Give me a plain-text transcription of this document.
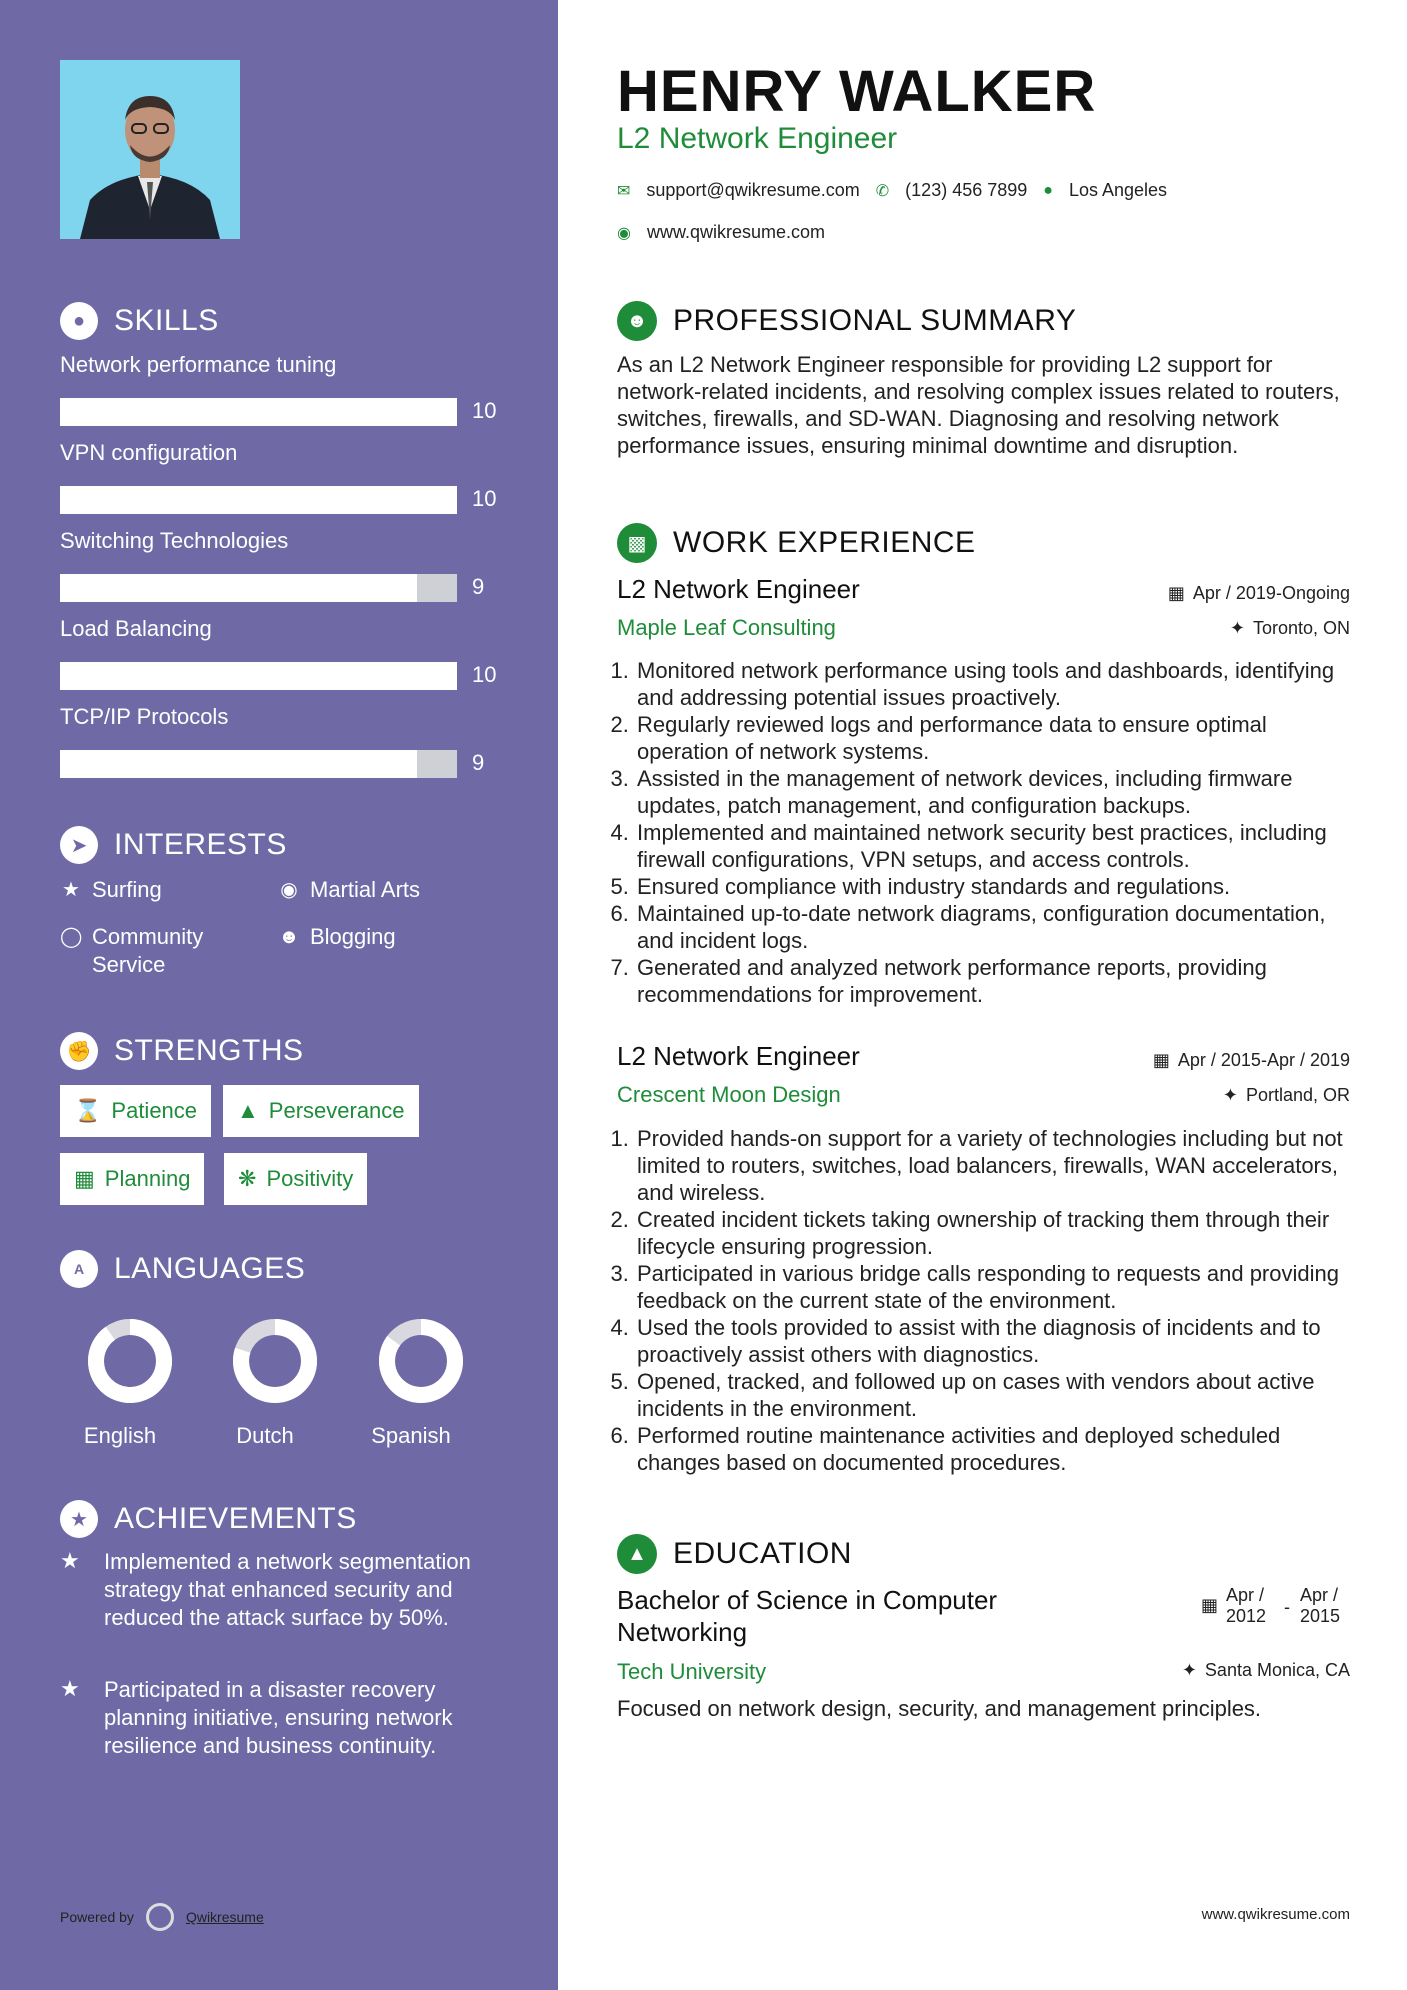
● SKILLS
Network performance tuning
10
VPN configuration
10
Switching Technologies
9
Load Balancing
10
TCP/IP Protocols
9
➤ INTERESTS
★ Surfing	◉ Martial Arts
◯ Community Service
☻ Blogging
✊ STRENGTHS
⌛ Patience ▲ Perseverance
▦ Planning ❋ Positivity
A LANGUAGES
English	Dutch	Spanish
★ ACHIEVEMENTS
★	Implemented a network segmentation strategy that enhanced security and reduced the attack surface by 50%.
★	Participated in a disaster recovery planning initiative, ensuring network resilience and business continuity.
Powered by	Qwikresume
HENRY WALKER
L2 Network Engineer
✉ support@qwikresume.com ✆ (123) 456 7899 ● Los Angeles
◉ www.qwikresume.com
☻ PROFESSIONAL SUMMARY
As an L2 Network Engineer responsible for providing L2 support for network-related incidents, and resolving complex issues related to routers, switches, firewalls, and SD-WAN. Diagnosing and resolving network performance issues, ensuring minimal downtime and disruption.
▩ WORK EXPERIENCE
L2 Network Engineer	▦ Apr / 2019-Ongoing
Maple Leaf Consulting	✦ Toronto, ON
1. Monitored network performance using tools and dashboards, identifying and addressing potential issues proactively.
2. Regularly reviewed logs and performance data to ensure optimal operation of network systems.
3. Assisted in the management of network devices, including firmware updates, patch management, and configuration backups.
4. Implemented and maintained network security best practices, including firewall configurations, VPN setups, and access controls.
5. Ensured compliance with industry standards and regulations.
6. Maintained up-to-date network diagrams, configuration documentation, and incident logs.
7. Generated and analyzed network performance reports, providing recommendations for improvement.
L2 Network Engineer	▦ Apr / 2015-Apr / 2019
Crescent Moon Design	✦ Portland, OR
1. Provided hands-on support for a variety of technologies including but not limited to routers, switches, load balancers, firewalls, WAN accelerators, and wireless.
2. Created incident tickets taking ownership of tracking them through their lifecycle ensuring progression.
3. Participated in various bridge calls responding to requests and providing feedback on the current state of the environment.
4. Used the tools provided to assist with the diagnosis of incidents and to proactively assist others with diagnostics.
5. Opened, tracked, and followed up on cases with vendors about active incidents in the environment.
6. Performed routine maintenance activities and deployed scheduled changes based on documented procedures.
▲ EDUCATION
Bachelor of Science in Computer Networking
▦ Apr / 2012 -
Apr / 2015
Tech University	✦ Santa Monica, CA
Focused on network design, security, and management principles.
www.qwikresume.com
